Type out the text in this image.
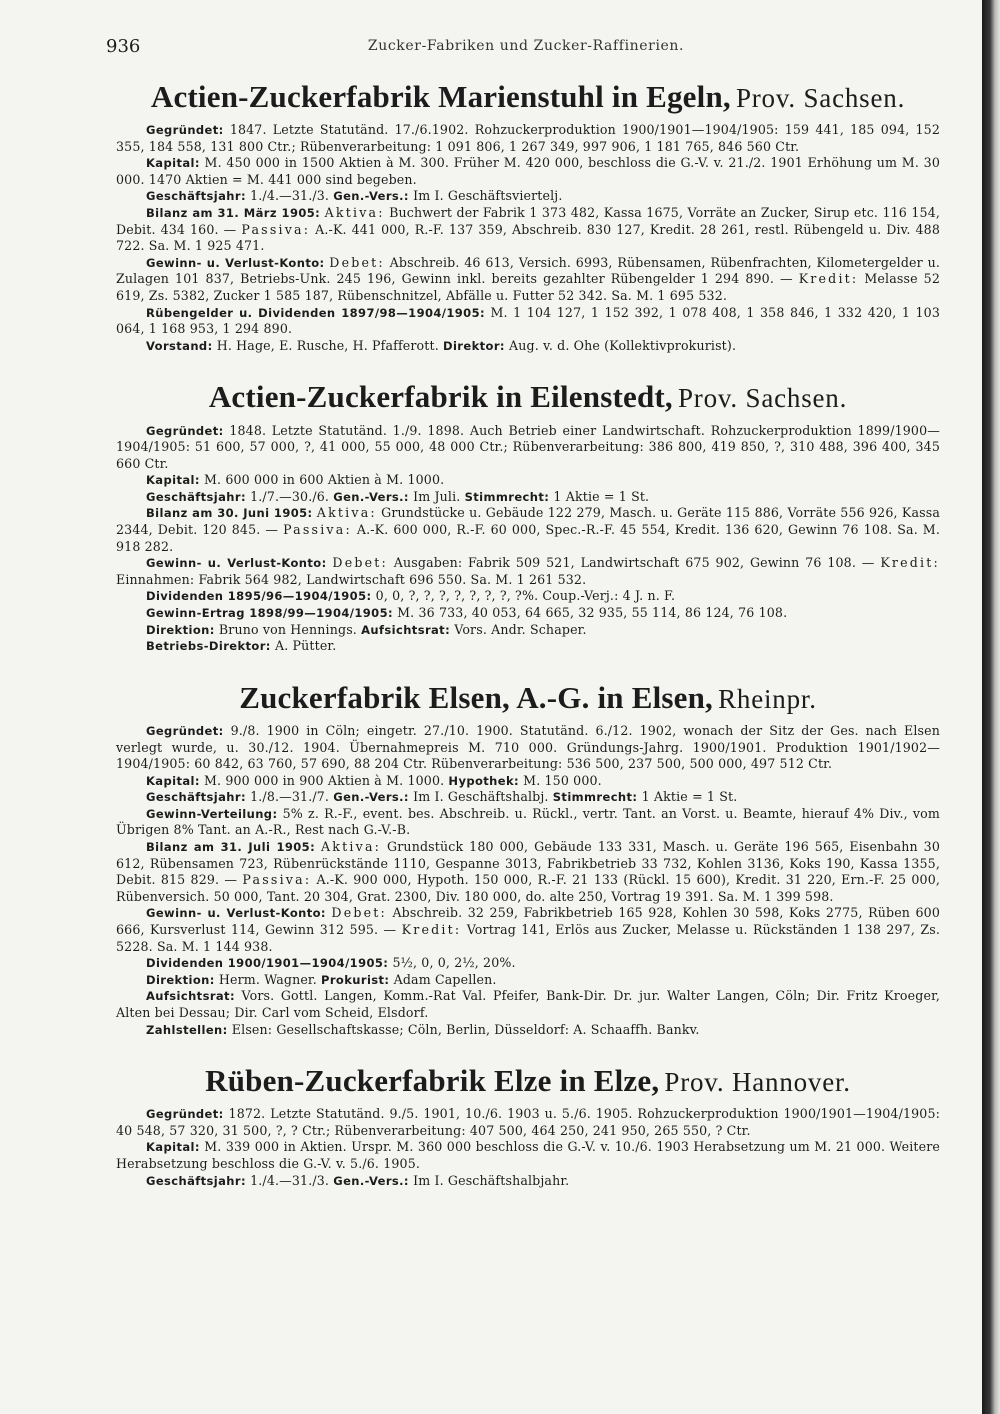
936	Zucker-Fabriken und Zucker-Raffinerien.
Actien-Zuckerfabrik Marienstuhl in Egeln, Prov. Sachsen.

Gegründet: 1847. Letzte Statutänd. 17./6.1902. Rohzuckerproduktion 1900/1901—1904/1905: 159 441, 185 094, 152 355, 184 558, 131 800 Ctr.; Rübenverarbeitung: 1 091 806, 1 267 349, 997 906, 1 181 765, 846 560 Ctr.

Kapital: M. 450 000 in 1500 Aktien à M. 300. Früher M. 420 000, beschloss die G.-V. v. 21./2. 1901 Erhöhung um M. 30 000. 1470 Aktien = M. 441 000 sind begeben.

Geschäftsjahr: 1./4.—31./3. Gen.-Vers.: Im I. Geschäftsviertelj.

Bilanz am 31. März 1905: Aktiva: Buchwert der Fabrik 1 373 482, Kassa 1675, Vorräte an Zucker, Sirup etc. 116 154, Debit. 434 160. — Passiva: A.-K. 441 000, R.-F. 137 359, Abschreib. 830 127, Kredit. 28 261, restl. Rübengeld u. Div. 488 722. Sa. M. 1 925 471.

Gewinn- u. Verlust-Konto: Debet: Abschreib. 46 613, Versich. 6993, Rübensamen, Rübenfrachten, Kilometergelder u. Zulagen 101 837, Betriebs-Unk. 245 196, Gewinn inkl. bereits gezahlter Rübengelder 1 294 890. — Kredit: Melasse 52 619, Zs. 5382, Zucker 1 585 187, Rübenschnitzel, Abfälle u. Futter 52 342. Sa. M. 1 695 532.

Rübengelder u. Dividenden 1897/98—1904/1905: M. 1 104 127, 1 152 392, 1 078 408, 1 358 846, 1 332 420, 1 103 064, 1 168 953, 1 294 890.

Vorstand: H. Hage, E. Rusche, H. Pfafferott. Direktor: Aug. v. d. Ohe (Kollektivprokurist).

Actien-Zuckerfabrik in Eilenstedt, Prov. Sachsen.

Gegründet: 1848. Letzte Statutänd. 1./9. 1898. Auch Betrieb einer Landwirtschaft. Rohzuckerproduktion 1899/1900—1904/1905: 51 600, 57 000, ?, 41 000, 55 000, 48 000 Ctr.; Rübenverarbeitung: 386 800, 419 850, ?, 310 488, 396 400, 345 660 Ctr.

Kapital: M. 600 000 in 600 Aktien à M. 1000.

Geschäftsjahr: 1./7.—30./6. Gen.-Vers.: Im Juli. Stimmrecht: 1 Aktie = 1 St.

Bilanz am 30. Juni 1905: Aktiva: Grundstücke u. Gebäude 122 279, Masch. u. Geräte 115 886, Vorräte 556 926, Kassa 2344, Debit. 120 845. — Passiva: A.-K. 600 000, R.-F. 60 000, Spec.-R.-F. 45 554, Kredit. 136 620, Gewinn 76 108. Sa. M. 918 282.

Gewinn- u. Verlust-Konto: Debet: Ausgaben: Fabrik 509 521, Landwirtschaft 675 902, Gewinn 76 108. — Kredit: Einnahmen: Fabrik 564 982, Landwirtschaft 696 550. Sa. M. 1 261 532.

Dividenden 1895/96—1904/1905: 0, 0, ?, ?, ?, ?, ?, ?, ?, ?%. Coup.-Verj.: 4 J. n. F.

Gewinn-Ertrag 1898/99—1904/1905: M. 36 733, 40 053, 64 665, 32 935, 55 114, 86 124, 76 108.

Direktion: Bruno von Hennings. Aufsichtsrat: Vors. Andr. Schaper.

Betriebs-Direktor: A. Pütter.

Zuckerfabrik Elsen, A.-G. in Elsen, Rheinpr.

Gegründet: 9./8. 1900 in Cöln; eingetr. 27./10. 1900. Statutänd. 6./12. 1902, wonach der Sitz der Ges. nach Elsen verlegt wurde, u. 30./12. 1904. Übernahmepreis M. 710 000. Gründungs-Jahrg. 1900/1901. Produktion 1901/1902—1904/1905: 60 842, 63 760, 57 690, 88 204 Ctr. Rübenverarbeitung: 536 500, 237 500, 500 000, 497 512 Ctr.

Kapital: M. 900 000 in 900 Aktien à M. 1000. Hypothek: M. 150 000.

Geschäftsjahr: 1./8.—31./7. Gen.-Vers.: Im I. Geschäftshalbj. Stimmrecht: 1 Aktie = 1 St.

Gewinn-Verteilung: 5% z. R.-F., event. bes. Abschreib. u. Rückl., vertr. Tant. an Vorst. u. Beamte, hierauf 4% Div., vom Übrigen 8% Tant. an A.-R., Rest nach G.-V.-B.

Bilanz am 31. Juli 1905: Aktiva: Grundstück 180 000, Gebäude 133 331, Masch. u. Geräte 196 565, Eisenbahn 30 612, Rübensamen 723, Rübenrückstände 1110, Gespanne 3013, Fabrikbetrieb 33 732, Kohlen 3136, Koks 190, Kassa 1355, Debit. 815 829. — Passiva: A.-K. 900 000, Hypoth. 150 000, R.-F. 21 133 (Rückl. 15 600), Kredit. 31 220, Ern.-F. 25 000, Rübenversich. 50 000, Tant. 20 304, Grat. 2300, Div. 180 000, do. alte 250, Vortrag 19 391. Sa. M. 1 399 598.

Gewinn- u. Verlust-Konto: Debet: Abschreib. 32 259, Fabrikbetrieb 165 928, Kohlen 30 598, Koks 2775, Rüben 600 666, Kursverlust 114, Gewinn 312 595. — Kredit: Vortrag 141, Erlös aus Zucker, Melasse u. Rückständen 1 138 297, Zs. 5228. Sa. M. 1 144 938.

Dividenden 1900/1901—1904/1905: 5½, 0, 0, 2½, 20%.

Direktion: Herm. Wagner. Prokurist: Adam Capellen.

Aufsichtsrat: Vors. Gottl. Langen, Komm.-Rat Val. Pfeifer, Bank-Dir. Dr. jur. Walter Langen, Cöln; Dir. Fritz Kroeger, Alten bei Dessau; Dir. Carl vom Scheid, Elsdorf.

Zahlstellen: Elsen: Gesellschaftskasse; Cöln, Berlin, Düsseldorf: A. Schaaffh. Bankv.

Rüben-Zuckerfabrik Elze in Elze, Prov. Hannover.

Gegründet: 1872. Letzte Statutänd. 9./5. 1901, 10./6. 1903 u. 5./6. 1905. Rohzuckerproduktion 1900/1901—1904/1905: 40 548, 57 320, 31 500, ?, ? Ctr.; Rübenverarbeitung: 407 500, 464 250, 241 950, 265 550, ? Ctr.

Kapital: M. 339 000 in Aktien. Urspr. M. 360 000 beschloss die G.-V. v. 10./6. 1903 Herabsetzung um M. 21 000. Weitere Herabsetzung beschloss die G.-V. v. 5./6. 1905.

Geschäftsjahr: 1./4.—31./3. Gen.-Vers.: Im I. Geschäftshalbjahr.
